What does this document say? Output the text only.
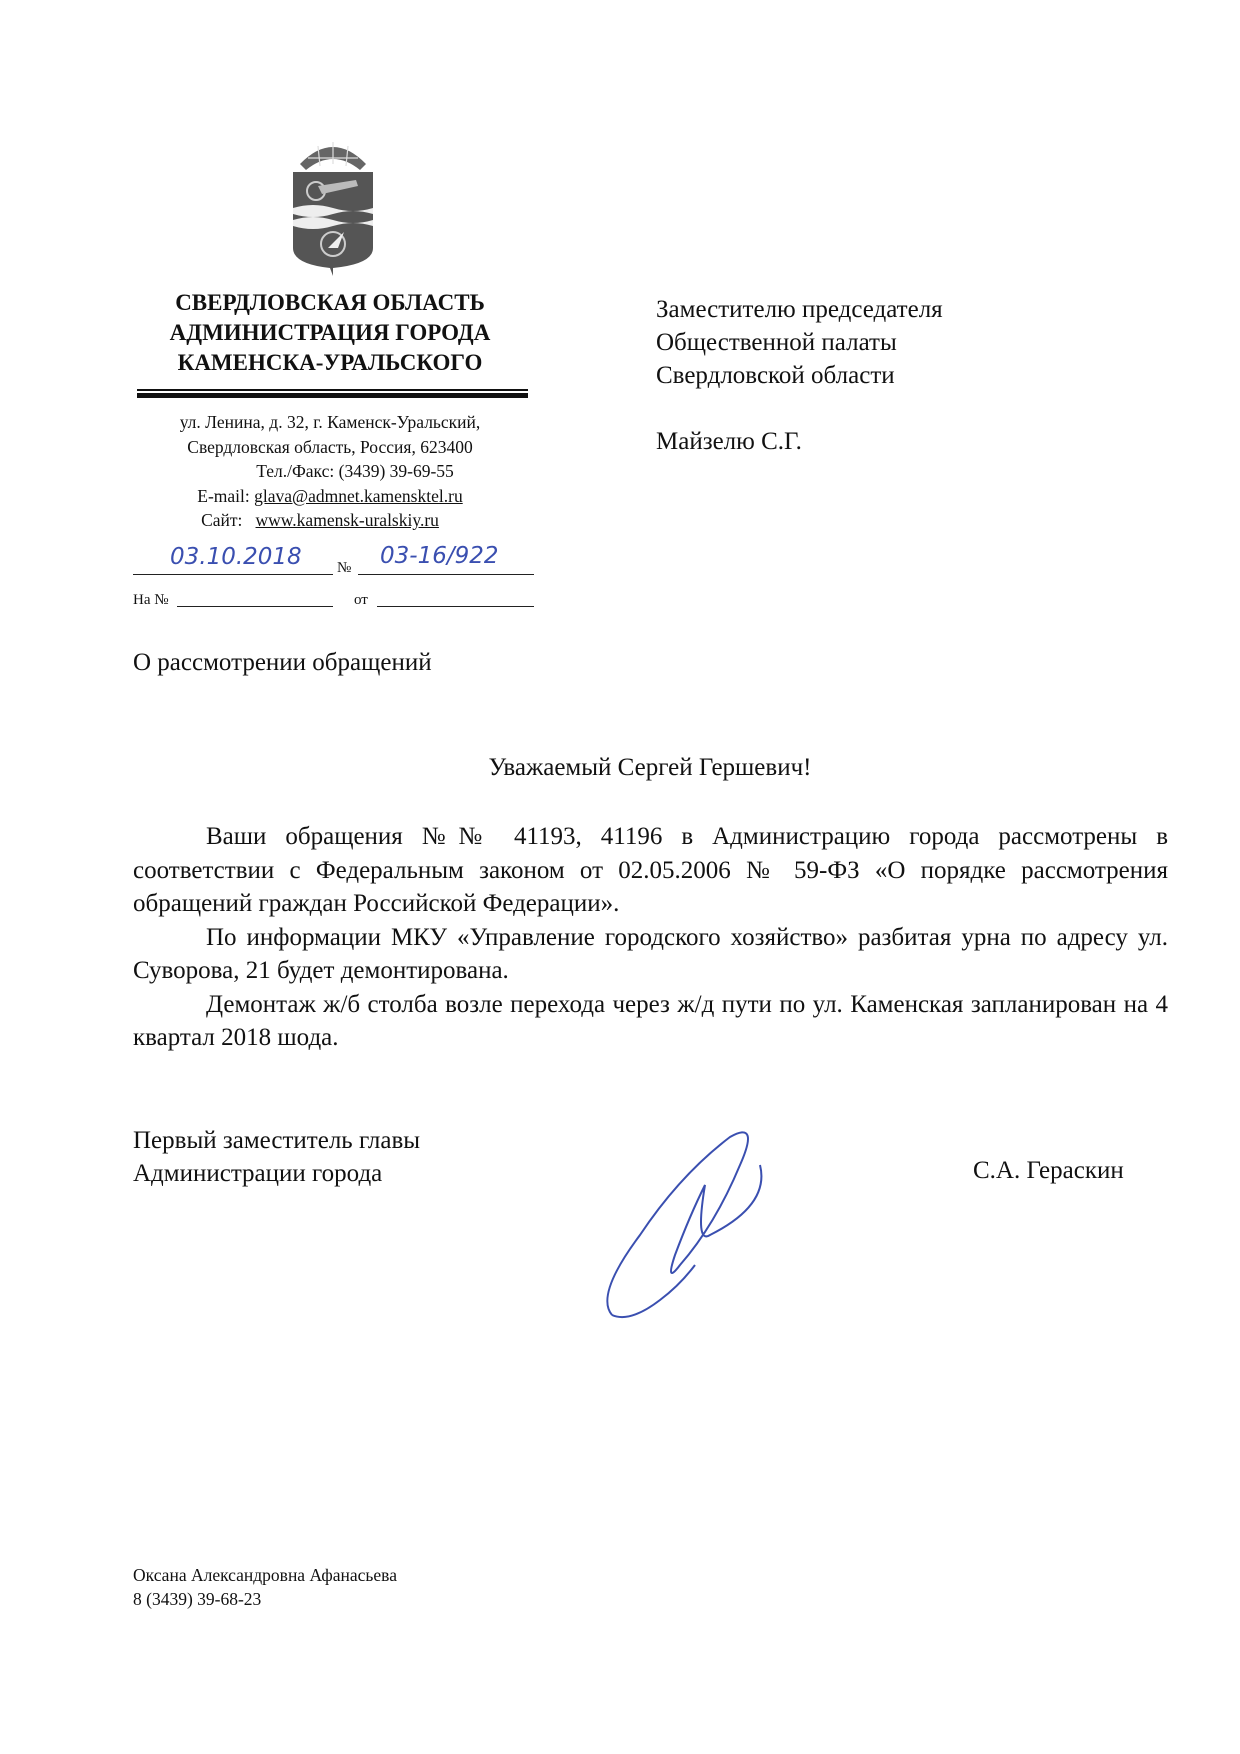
СВЕРДЛОВСКАЯ ОБЛАСТЬ
АДМИНИСТРАЦИЯ ГОРОДА
КАМЕНСКА-УРАЛЬСКОГО
ул. Ленина, д. 32, г. Каменск-Уральский,
Свердловская область, Россия, 623400
Тел./Факс: (3439) 39-69-55
E-mail: glava@admnet.kamensktel.ru
Сайт:   www.kamensk-uralskiy.ru
03.10.2018 № 03-16/922
На №	от
Заместителю председателя
Общественной палаты
Свердловской области
Майзелю С.Г.
О рассмотрении обращений
Уважаемый Сергей Гершевич!

Ваши обращения №№ 41193, 41196 в Администрацию города рассмотрены в соответствии с Федеральным законом от 02.05.2006 № 59-ФЗ «О порядке рассмотрения обращений граждан Российской Федерации».

По информации МКУ «Управление городского хозяйство» разбитая урна по адресу ул. Суворова, 21 будет демонтирована.

Демонтаж ж/б столба возле перехода через ж/д пути по ул. Каменская запланирован на 4 квартал 2018 шода.

Первый заместитель главы
Администрации города	С.А. Гераскин
Оксана Александровна Афанасьева
8 (3439) 39-68-23
